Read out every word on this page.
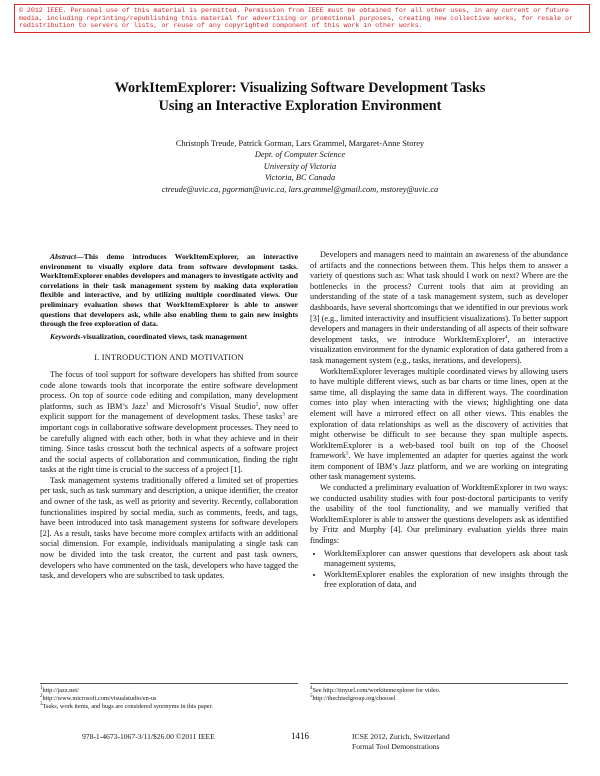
© 2012 IEEE. Personal use of this material is permitted. Permission from IEEE must be obtained for all other uses, in any current or future media, including reprinting/republishing this material for advertising or promotional purposes, creating new collective works, for resale or redistribution to servers or lists, or reuse of any copyrighted component of this work in other works.
WorkItemExplorer: Visualizing Software Development Tasks
Using an Interactive Exploration Environment
Christoph Treude, Patrick Gorman, Lars Grammel, Margaret-Anne Storey
Dept. of Computer Science
University of Victoria
Victoria, BC Canada
ctreude@uvic.ca, pgorman@uvic.ca, lars.grammel@gmail.com, mstorey@uvic.ca

Abstract—This demo introduces WorkItemExplorer, an interactive environment to visually explore data from software development tasks. WorkItemExplorer enables developers and managers to investigate activity and correlations in their task management system by making data exploration flexible and interactive, and by utilizing multiple coordinated views. Our preliminary evaluation shows that WorkItemExplorer is able to answer questions that developers ask, while also enabling them to gain new insights through the free exploration of data.

Keywords-visualization, coordinated views, task management

I. INTRODUCTION AND MOTIVATION

The focus of tool support for software developers has shifted from source code alone towards tools that incorporate the entire software development process. On top of source code editing and compilation, many development platforms, such as IBM’s Jazz$^1$ and Microsoft’s Visual Studio$^2$, now offer explicit support for the management of development tasks. These tasks$^3$ are important cogs in collaborative software development processes. They need to be carefully aligned with each other, both in what they achieve and in their timing. Since tasks crosscut both the technical aspects of a software project and the social aspects of collaboration and communication, finding the right tasks at the right time is crucial to the success of a project [1].

Task management systems traditionally offered a limited set of properties per task, such as task summary and description, a unique identifier, the creator and owner of the task, as well as priority and severity. Recently, collaboration functionalities inspired by social media, such as comments, feeds, and tags, have been introduced into task management systems for software developers [2]. As a result, tasks have become more complex artifacts with an additional social dimension. For example, individuals manipulating a single task can now be divided into the task creator, the current and past task owners, developers who have commented on the task, developers who have tagged the task, and developers who are subscribed to task updates.

Developers and managers need to maintain an awareness of the abundance of artifacts and the connections between them. This helps them to answer a variety of questions such as: What task should I work on next? Where are the bottlenecks in the process? Current tools that aim at providing an understanding of the state of a task management system, such as developer dashboards, have several shortcomings that we identified in our previous work [3] (e.g., limited interactivity and insufficient visualizations). To better support developers and managers in their understanding of all aspects of their software development tasks, we introduce WorkItemExplorer$^4$, an interactive visualization environment for the dynamic exploration of data gathered from a task management system (e.g., tasks, iterations, and developers).

WorkItemExplorer leverages multiple coordinated views by allowing users to have multiple different views, such as bar charts or time lines, open at the same time, all displaying the same data in different ways. The coordination comes into play when interacting with the views; highlighting one data element will have a mirrored effect on all other views. This enables the exploration of data relationships as well as the discovery of activities that might otherwise be difficult to see because they span multiple aspects. WorkItemExplorer is a web-based tool built on top of the Choosel framework$^5$. We have implemented an adapter for queries against the work item component of IBM’s Jazz platform, and we are working on integrating other task management systems.

We conducted a preliminary evaluation of WorkItemExplorer in two ways: we conducted usability studies with four post-doctoral participants to verify the usability of the tool functionality, and we manually verified that WorkItemExplorer is able to answer the questions developers ask as identified by Fritz and Murphy [4]. Our preliminary evaluation yields three main findings:

• WorkItemExplorer can answer questions that developers ask about task management systems,
• WorkItemExplorer enables the exploration of new insights through the free exploration of data, and
$^1$http://jazz.net/
$^2$http://www.microsoft.com/visualstudio/en-us
$^3$Tasks, work items, and bugs are considered synonyms in this paper.
$^4$See http://tinyurl.com/workitemexplorer for video.
$^5$http://thechiselgroup.org/choosel
978-1-4673-1067-3/11/$26.00 ©2011 IEEE	1416	ICSE 2012, Zurich, Switzerland
Formal Tool Demonstrations
